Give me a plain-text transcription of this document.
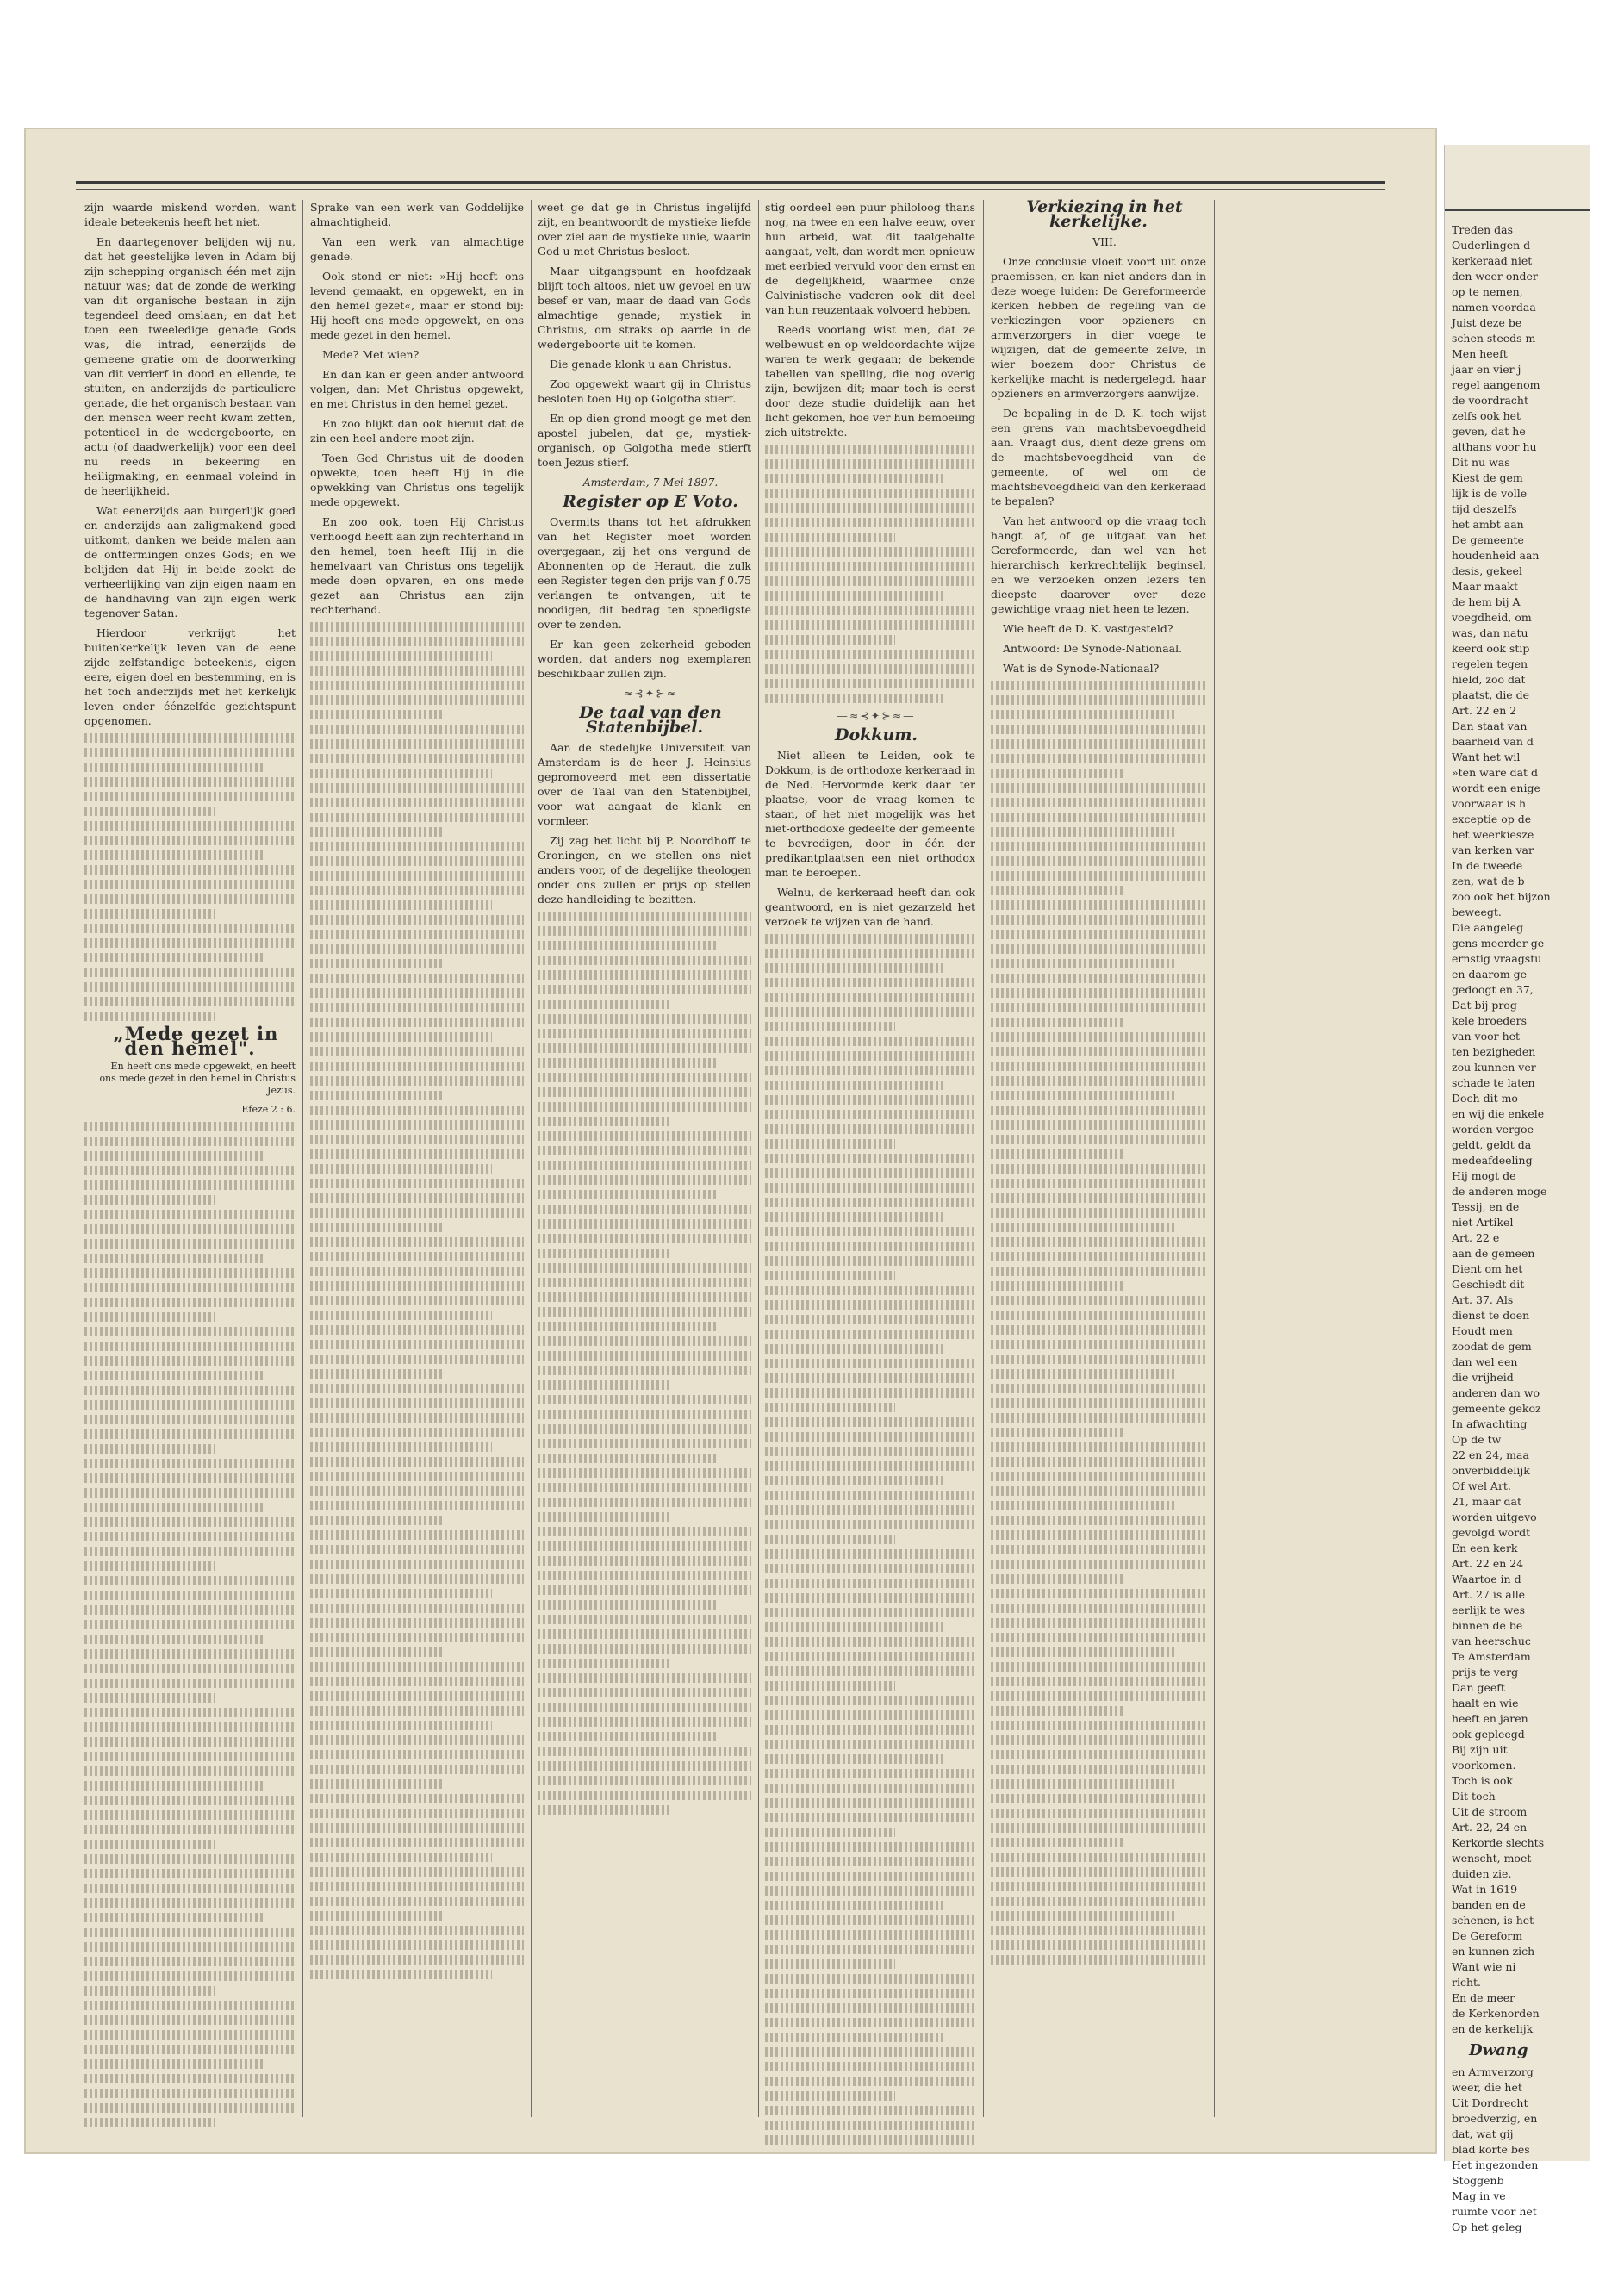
zijn waarde miskend worden, want ideale beteekenis heeft het niet.

En daartegenover belijden wij nu, dat het geestelijke leven in Adam bij zijn schepping organisch één met zijn natuur was; dat de zonde de werking van dit organische bestaan in zijn tegendeel deed omslaan; en dat het toen een tweeledige genade Gods was, die intrad, eenerzijds de gemeene gratie om de doorwerking van dit verderf in dood en ellende, te stuiten, en anderzijds de particuliere genade, die het organisch bestaan van den mensch weer recht kwam zetten, potentieel in de wedergeboorte, en actu (of daadwerkelijk) voor een deel nu reeds in bekeering en heiligmaking, en eenmaal voleind in de heerlijkheid.

Wat eenerzijds aan burgerlijk goed en anderzijds aan zaligmakend goed uitkomt, danken we beide malen aan de ontfermingen onzes Gods; en we belijden dat Hij in beide zoekt de verheerlijking van zijn eigen naam en de handhaving van zijn eigen werk tegenover Satan.

Hierdoor verkrijgt het buitenkerkelijk leven van de eene zijde zelfstandige beteekenis, eigen eere, eigen doel en bestemming, en is het toch anderzijds met het kerkelijk leven onder éénzelfde gezichtspunt opgenomen.

„Mede gezet in den hemel".

En heeft ons mede opgewekt, en heeft ons mede gezet in den hemel in Christus Jezus.

Efeze 2 : 6.

Sprake van een werk van Goddelijke almachtigheid.

Van een werk van almachtige genade.

Ook stond er niet: »Hij heeft ons levend gemaakt, en opgewekt, en in den hemel gezet«, maar er stond bij: Hij heeft ons mede opgewekt, en ons mede gezet in den hemel.

Mede? Met wien?

En dan kan er geen ander antwoord volgen, dan: Met Christus opgewekt, en met Christus in den hemel gezet.

En zoo blijkt dan ook hieruit dat de zin een heel andere moet zijn.

Toen God Christus uit de dooden opwekte, toen heeft Hij in die opwekking van Christus ons tegelijk mede opgewekt.

En zoo ook, toen Hij Christus verhoogd heeft aan zijn rechterhand in den hemel, toen heeft Hij in die hemelvaart van Christus ons tegelijk mede doen opvaren, en ons mede gezet aan Christus aan zijn rechterhand.

weet ge dat ge in Christus ingelijfd zijt, en beantwoordt de mystieke liefde over ziel aan de mystieke unie, waarin God u met Christus besloot.

Maar uitgangspunt en hoofdzaak blijft toch altoos, niet uw gevoel en uw besef er van, maar de daad van Gods almachtige genade; mystiek in Christus, om straks op aarde in de wedergeboorte uit te komen.

Die genade klonk u aan Christus.

Zoo opgewekt waart gij in Christus besloten toen Hij op Golgotha stierf.

En op dien grond moogt ge met den apostel jubelen, dat ge, mystiek-organisch, op Golgotha mede stierft toen Jezus stierf.

Amsterdam, 7 Mei 1897.

Register op E Voto.

Overmits thans tot het afdrukken van het Register moet worden overgegaan, zij het ons vergund de Abonnenten op de Heraut, die zulk een Register tegen den prijs van ƒ 0.75 verlangen te ontvangen, uit te noodigen, dit bedrag ten spoedigste over te zenden.

Er kan geen zekerheid geboden worden, dat anders nog exemplaren beschikbaar zullen zijn.

—≈⊰✦⊱≈—

De taal van den Statenbijbel.

Aan de stedelijke Universiteit van Amsterdam is de heer J. Heinsius gepromoveerd met een dissertatie over de Taal van den Statenbijbel, voor wat aangaat de klank- en vormleer.

Zij zag het licht bij P. Noordhoff te Groningen, en we stellen ons niet anders voor, of de degelijke theologen onder ons zullen er prijs op stellen deze handleiding te bezitten.

stig oordeel een puur philoloog thans nog, na twee en een halve eeuw, over hun arbeid, wat dit taalgehalte aangaat, velt, dan wordt men opnieuw met eerbied vervuld voor den ernst en de degelijkheid, waarmee onze Calvinistische vaderen ook dit deel van hun reuzentaak volvoerd hebben.

Reeds voorlang wist men, dat ze welbewust en op weldoordachte wijze waren te werk gegaan; de bekende tabellen van spelling, die nog overig zijn, bewijzen dit; maar toch is eerst door deze studie duidelijk aan het licht gekomen, hoe ver hun bemoeiing zich uitstrekte.

—≈⊰✦⊱≈—

Dokkum.

Niet alleen te Leiden, ook te Dokkum, is de orthodoxe kerkeraad in de Ned. Hervormde kerk daar ter plaatse, voor de vraag komen te staan, of het niet mogelijk was het niet-orthodoxe gedeelte der gemeente te bevredigen, door in één der predikantplaatsen een niet orthodox man te beroepen.

Welnu, de kerkeraad heeft dan ook geantwoord, en is niet gezarzeld het verzoek te wijzen van de hand.

Verkiezing in het kerkelijke.

VIII.

Onze conclusie vloeit voort uit onze praemissen, en kan niet anders dan in deze woege luiden: De Gereformeerde kerken hebben de regeling van de verkiezingen voor opzieners en armverzorgers in dier voege te wijzigen, dat de gemeente zelve, in wier boezem door Christus de kerkelijke macht is nedergelegd, haar opzieners en armverzorgers aanwijze.

De bepaling in de D. K. toch wijst een grens van machtsbevoegdheid aan. Vraagt dus, dient deze grens om de machtsbevoegdheid van de gemeente, of wel om de machtsbevoegdheid van den kerkeraad te bepalen?

Van het antwoord op die vraag toch hangt af, of ge uitgaat van het Gereformeerde, dan wel van het hierarchisch kerkrechtelijk beginsel, en we verzoeken onzen lezers ten dieepste daarover over deze gewichtige vraag niet heen te lezen.

Wie heeft de D. K. vastgesteld?

Antwoord: De Synode-Nationaal.

Wat is de Synode-Nationaal?

Treden das

Ouderlingen d

kerkeraad niet

den weer onder

op te nemen,

namen voordaa

Juist deze be

schen steeds m

Men heeft

jaar en vier j

regel aangenom

de voordracht

zelfs ook het

geven, dat he

althans voor hu

Dit nu was

Kiest de gem

lijk is de volle

tijd deszelfs

het ambt aan

De gemeente

houdenheid aan

desis, gekeel

Maar maakt

de hem bij A

voegdheid, om

was, dan natu

keerd ook stip

regelen tegen

hield, zoo dat

plaatst, die de

Art. 22 en 2

Dan staat van

baarheid van d

Want het wil

»ten ware dat d

wordt een enige

voorwaar is h

exceptie op de

het weerkiesze

van kerken var

In de tweede

zen, wat de b

zoo ook het bijzon

beweegt.

Die aangeleg

gens meerder ge

ernstig vraagstu

en daarom ge

gedoogt en 37,

Dat bij prog

kele broeders

van voor het

ten bezigheden

zou kunnen ver

schade te laten

Doch dit mo

en wij die enkele

worden vergoe

geldt, geldt da

medeafdeeling

Hij mogt de

de anderen moge

Tessij, en de

niet Artikel

Art. 22 e

aan de gemeen

Dient om het

Geschiedt dit

Art. 37. Als

dienst te doen

Houdt men

zoodat de gem

dan wel een

die vrijheid

anderen dan wo

gemeente gekoz

In afwachting

Op de tw

22 en 24, maa

onverbiddelijk

Of wel Art.

21, maar dat

worden uitgevo

gevolgd wordt

En een kerk

Art. 22 en 24

Waartoe in d

Art. 27 is alle

eerlijk te wes

binnen de be

van heerschuc

Te Amsterdam

prijs te verg

Dan geeft

haalt en wie

heeft en jaren

ook gepleegd

Bij zijn uit

voorkomen.

Toch is ook

Dit toch

Uit de stroom

Art. 22, 24 en

Kerkorde slechts

wenscht, moet

duiden zie.

Wat in 1619

banden en de

schenen, is het

De Gereform

en kunnen zich

Want wie ni

richt.

En de meer

de Kerkenorden

en de kerkelijk

Dwang

en Armverzorg

weer, die het

Uit Dordrecht

broedverzig, en

dat, wat gij

blad korte bes

Het ingezonden

Stoggenb

Mag in ve

ruimte voor het

Op het geleg
